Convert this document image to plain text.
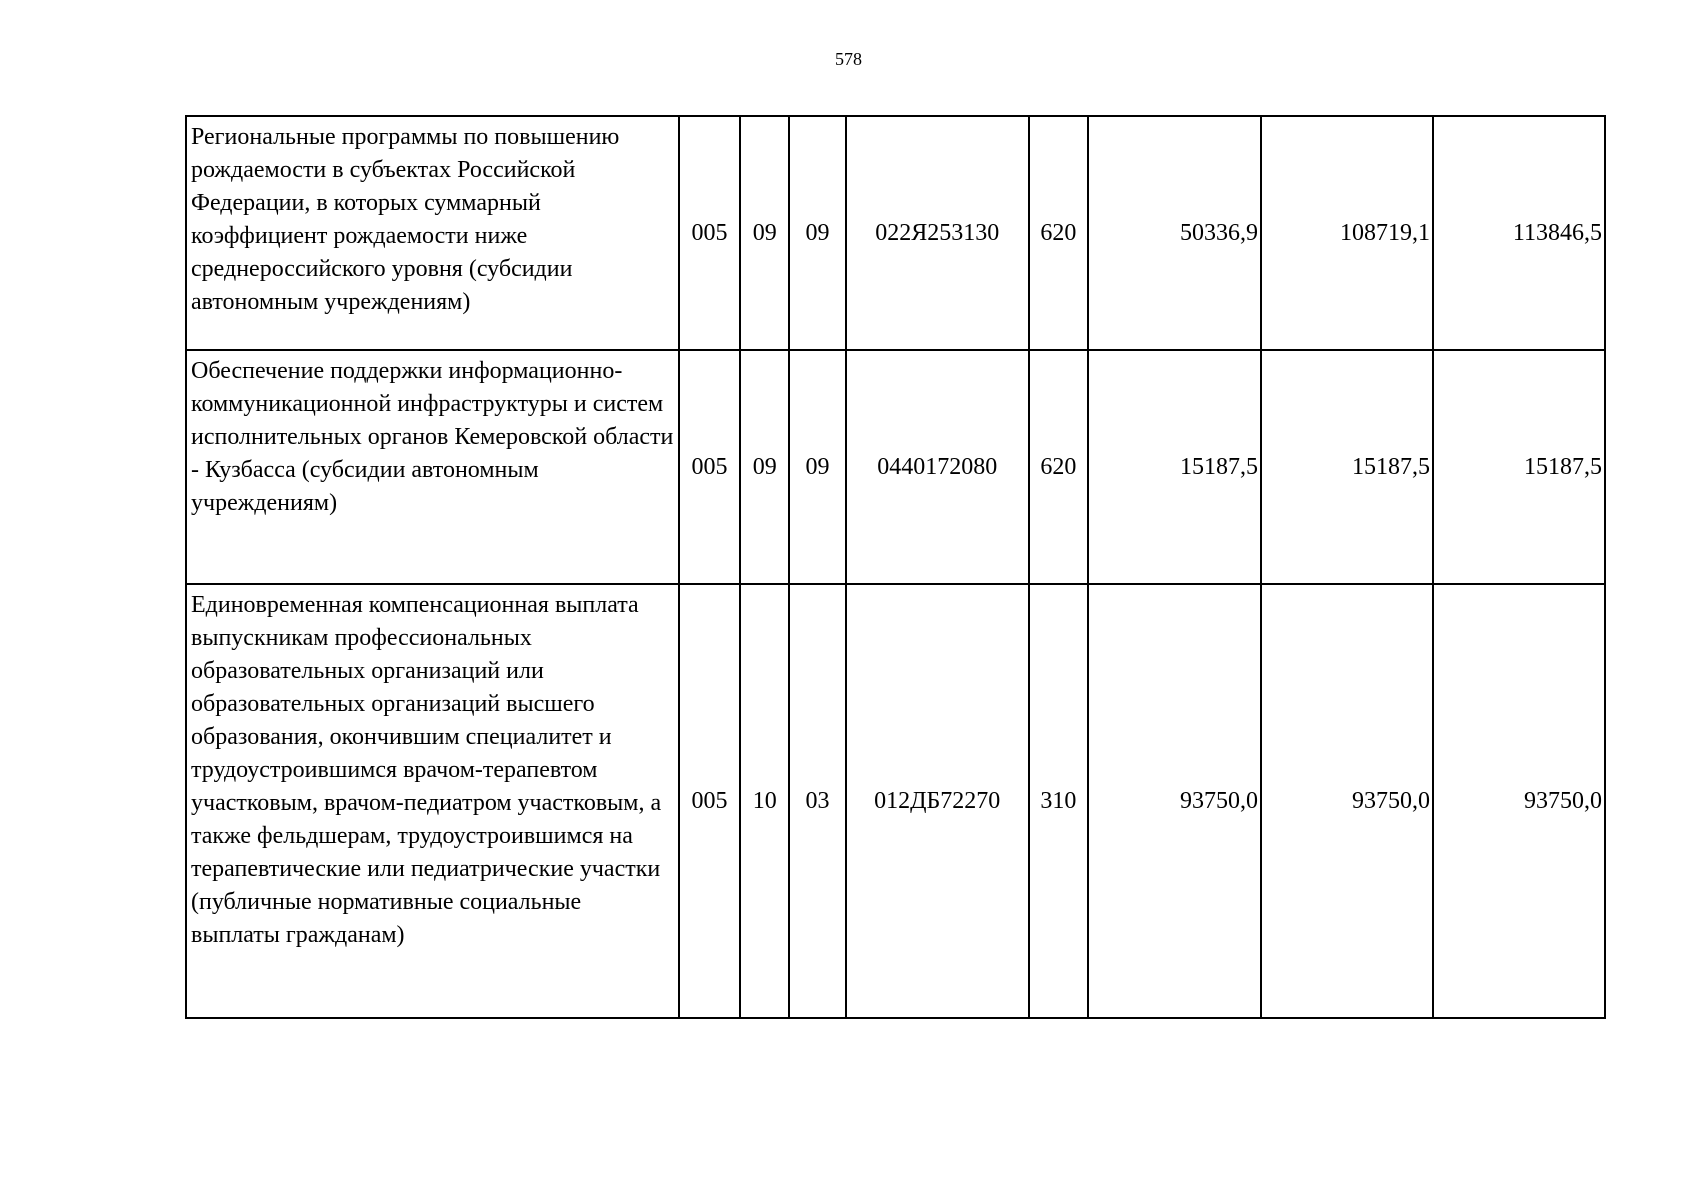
578
Региональные программы по повышению рождаемости в субъектах Российской Федерации, в которых суммарный коэффициент рождаемости ниже среднероссийского уровня (субсидии автономным учреждениям)	005	09	09	022Я253130	620	50336,9	108719,1	113846,5
Обеспечение поддержки информационно-коммуникационной инфраструктуры и систем исполнительных органов Кемеровской области - Кузбасса (субсидии автономным учреждениям)	005	09	09	0440172080	620	15187,5	15187,5	15187,5
Единовременная компенсационная выплата выпускникам профессиональных образовательных организаций или образовательных организаций высшего образования, окончившим специалитет и трудоустроившимся врачом-терапевтом участковым, врачом-педиатром участковым, а также фельдшерам, трудоустроившимся на терапевтические или педиатрические участки (публичные нормативные социальные выплаты гражданам)	005	10	03	012ДБ72270	310	93750,0	93750,0	93750,0
